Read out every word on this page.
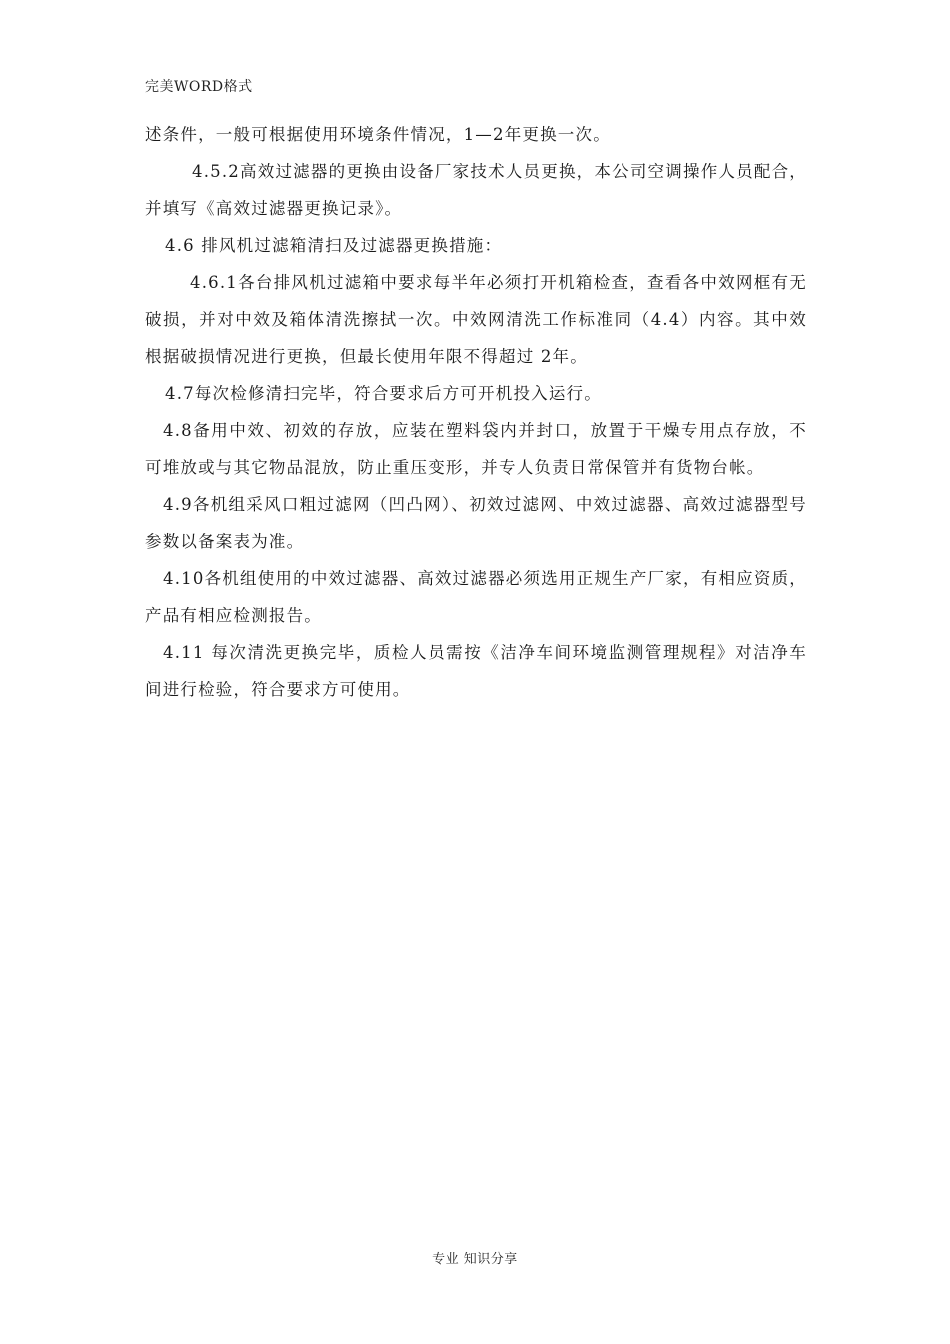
完美WORD格式

述条件，一般可根据使用环境条件情况，1—2年更换一次。

4.5.2高效过滤器的更换由设备厂家技术人员更换，本公司空调操作人员配合，并填写《高效过滤器更换记录》。

4.6 排风机过滤箱清扫及过滤器更换措施：

4.6.1各台排风机过滤箱中要求每半年必须打开机箱检查，查看各中效网框有无破损，并对中效及箱体清洗擦拭一次。中效网清洗工作标准同（4.4）内容。其中效根据破损情况进行更换，但最长使用年限不得超过 2年。

4.7每次检修清扫完毕，符合要求后方可开机投入运行。

4.8备用中效、初效的存放，应装在塑料袋内并封口，放置于干燥专用点存放，不可堆放或与其它物品混放，防止重压变形，并专人负责日常保管并有货物台帐。

4.9各机组采风口粗过滤网（凹凸网）、初效过滤网、中效过滤器、高效过滤器型号参数以备案表为准。

4.10各机组使用的中效过滤器、高效过滤器必须选用正规生产厂家，有相应资质，产品有相应检测报告。

4.11 每次清洗更换完毕，质检人员需按《洁净车间环境监测管理规程》对洁净车间进行检验，符合要求方可使用。

专业 知识分享
